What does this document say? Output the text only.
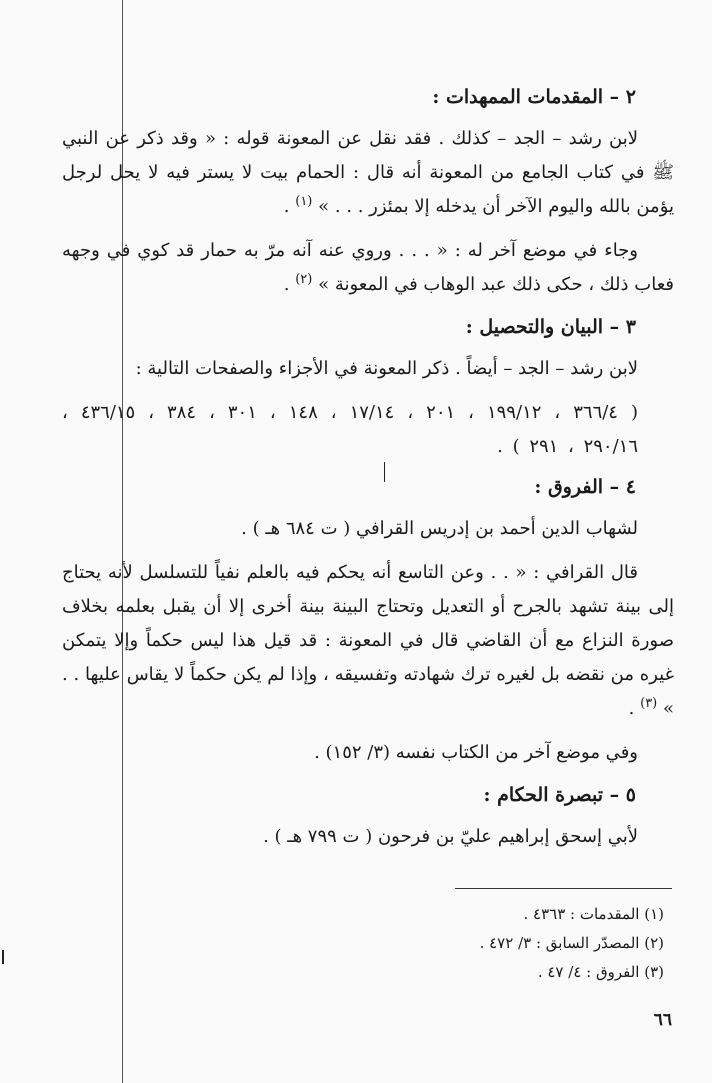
٢ – المقدمات الممهدات :

لابن رشد – الجد – كذلك . فقد نقل عن المعونة قوله : « وقد ذكر عن النبي ﷺ في كتاب الجامع من المعونة أنه قال : الحمام بيت لا يستر فيه لا يحل لرجل يؤمن بالله واليوم الآخر أن يدخله إلا بمئزر . . . » $^{(١)}$ .

وجاء في موضع آخر له : « . . . وروي عنه آنه مرّ به حمار قد كوي في وجهه فعاب ذلك ، حكى ذلك عبد الوهاب في المعونة » $^{(٢)}$ .

٣ – البيان والتحصيل :

لابن رشد – الجد – أيضاً . ذكر المعونة في الأجزاء والصفحات التالية :

( ٣٦٦/٤ ، ١٩٩/١٢ ، ٢٠١ ، ١٧/١٤ ، ١٤٨ ، ٣٠١ ، ٣٨٤ ، ٤٣٦/١٥ ، ٢٩٠/١٦ ، ٢٩١ ) .

٤ – الفروق :

لشهاب الدين أحمد بن إدريس القرافي ( ت ٦٨٤ هـ ) .

قال القرافي : « . . وعن التاسع أنه يحكم فيه بالعلم نفياً للتسلسل لأنه يحتاج إلى بينة تشهد بالجرح أو التعديل وتحتاج البينة بينة أخرى إلا أن يقبل بعلمه بخلاف صورة النزاع مع أن القاضي قال في المعونة : قد قيل هذا ليس حكماً وإلا يتمكن غيره من نقضه بل لغيره ترك شهادته وتفسيقه ، وإذا لم يكن حكماً لا يقاس عليها . . » $^{(٣)}$ .

وفي موضع آخر من الكتاب نفسه (٣/ ١٥٢) .

٥ – تبصرة الحكام :

لأبي إسحق إبراهيم عليّ بن فرحون ( ت ٧٩٩ هـ ) .

(١) المقدمات : ٤٣٦٣ .
(٢) المصدّر السابق : ٣/ ٤٧٢ .
(٣) الفروق : ٤/ ٤٧ .
٦٦
